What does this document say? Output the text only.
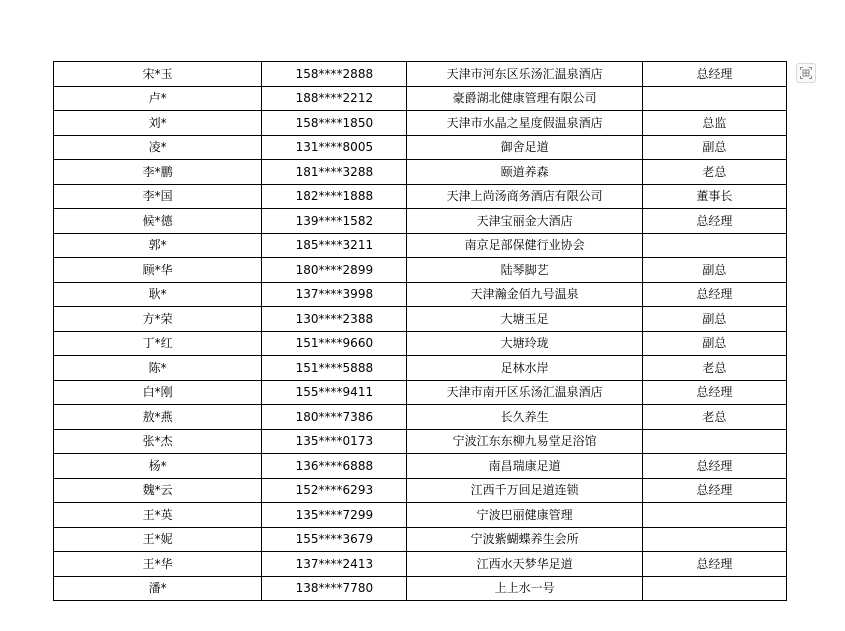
宋*玉	158****2888	天津市河东区乐汤汇温泉酒店	总经理
卢*	188****2212	豪爵湖北健康管理有限公司	
刘*	158****1850	天津市水晶之星度假温泉酒店	总监
凌*	131****8005	御舍足道	副总
李*鹏	181****3288	颐道养森	老总
李*国	182****1888	天津上尚汤商务酒店有限公司	董事长
候*德	139****1582	天津宝丽金大酒店	总经理
郭*	185****3211	南京足部保健行业协会	
顾*华	180****2899	陆琴脚艺	副总
耿*	137****3998	天津瀚金佰九号温泉	总经理
方*荣	130****2388	大塘玉足	副总
丁*红	151****9660	大塘玲珑	副总
陈*	151****5888	足林水岸	老总
白*刚	155****9411	天津市南开区乐汤汇温泉酒店	总经理
敖*燕	180****7386	长久养生	老总
张*杰	135****0173	宁波江东东柳九易堂足浴馆	
杨*	136****6888	南昌瑞康足道	总经理
魏*云	152****6293	江西千万回足道连锁	总经理
王*英	135****7299	宁波巴丽健康管理	
王*妮	155****3679	宁波紫蝴蝶养生会所	
王*华	137****2413	江西水天梦华足道	总经理
潘*	138****7780	上上水一号	
